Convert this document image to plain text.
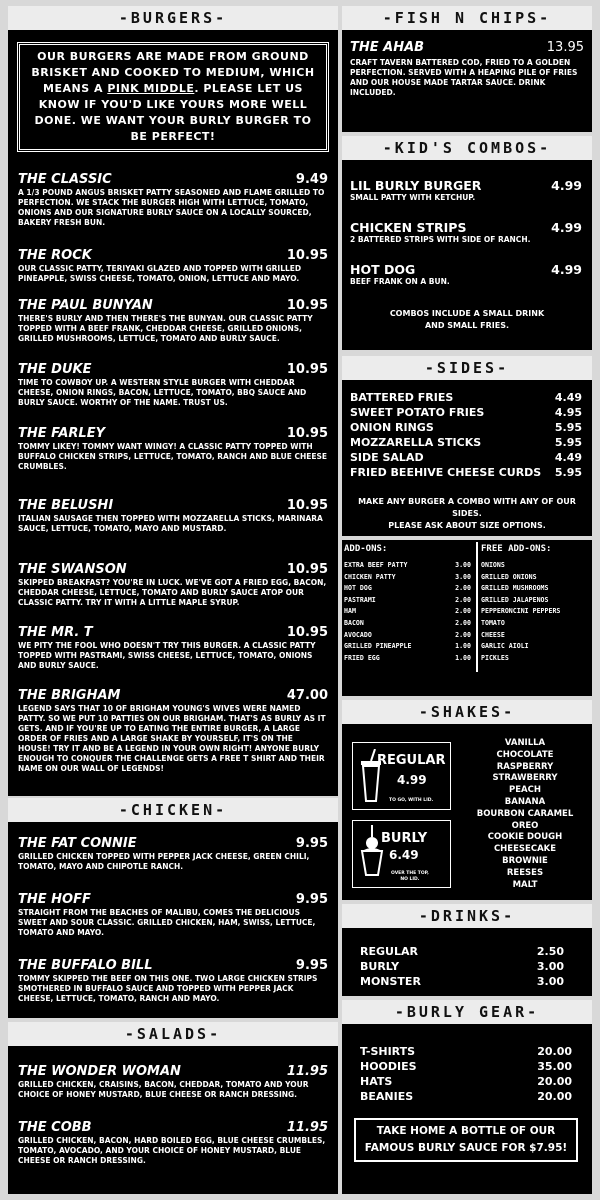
-BURGERS-
OUR BURGERS ARE MADE FROM GROUND BRISKET AND COOKED TO MEDIUM, WHICH MEANS A PINK MIDDLE. PLEASE LET US KNOW IF YOU'D LIKE YOURS MORE WELL DONE. WE WANT YOUR BURLY BURGER TO BE PERFECT!
THE CLASSIC	9.49
A 1/3 POUND ANGUS BRISKET PATTY SEASONED AND FLAME GRILLED TO PERFECTION. WE STACK THE BURGER HIGH WITH LETTUCE, TOMATO, ONIONS AND OUR SIGNATURE BURLY SAUCE ON A LOCALLY SOURCED, BAKERY FRESH BUN.
THE ROCK	10.95
OUR CLASSIC PATTY, TERIYAKI GLAZED AND TOPPED WITH GRILLED PINEAPPLE, SWISS CHEESE, TOMATO, ONION, LETTUCE AND MAYO.
THE PAUL BUNYAN	10.95
THERE'S BURLY AND THEN THERE'S THE BUNYAN. OUR CLASSIC PATTY TOPPED WITH A BEEF FRANK, CHEDDAR CHEESE, GRILLED ONIONS, GRILLED MUSHROOMS, LETTUCE, TOMATO AND BURLY SAUCE.
THE DUKE	10.95
TIME TO COWBOY UP. A WESTERN STYLE BURGER WITH CHEDDAR CHEESE, ONION RINGS, BACON, LETTUCE, TOMATO, BBQ SAUCE AND BURLY SAUCE. WORTHY OF THE NAME. TRUST US.
THE FARLEY	10.95
TOMMY LIKEY! TOMMY WANT WINGY! A CLASSIC PATTY TOPPED WITH BUFFALO CHICKEN STRIPS, LETTUCE, TOMATO, RANCH AND BLUE CHEESE CRUMBLES.
THE BELUSHI	10.95
ITALIAN SAUSAGE THEN TOPPED WITH MOZZARELLA STICKS, MARINARA SAUCE, LETTUCE, TOMATO, MAYO AND MUSTARD.
THE SWANSON	10.95
SKIPPED BREAKFAST? YOU'RE IN LUCK. WE'VE GOT A FRIED EGG, BACON, CHEDDAR CHEESE, LETTUCE, TOMATO AND BURLY SAUCE ATOP OUR CLASSIC PATTY. TRY IT WITH A LITTLE MAPLE SYRUP.
THE MR. T	10.95
WE PITY THE FOOL WHO DOESN'T TRY THIS BURGER. A CLASSIC PATTY TOPPED WITH PASTRAMI, SWISS CHEESE, LETTUCE, TOMATO, ONIONS AND BURLY SAUCE.
THE BRIGHAM	47.00
LEGEND SAYS THAT 10 OF BRIGHAM YOUNG'S WIVES WERE NAMED PATTY. SO WE PUT 10 PATTIES ON OUR BRIGHAM. THAT'S AS BURLY AS IT GETS. AND IF YOU'RE UP TO EATING THE ENTIRE BURGER, A LARGE ORDER OF FRIES AND A LARGE SHAKE BY YOURSELF, IT'S ON THE HOUSE! TRY IT AND BE A LEGEND IN YOUR OWN RIGHT! ANYONE BURLY ENOUGH TO CONQUER THE CHALLENGE GETS A FREE T SHIRT AND THEIR NAME ON OUR WALL OF LEGENDS!
-CHICKEN-
THE FAT CONNIE	9.95
GRILLED CHICKEN TOPPED WITH PEPPER JACK CHEESE, GREEN CHILI, TOMATO, MAYO AND CHIPOTLE RANCH.
THE HOFF	9.95
STRAIGHT FROM THE BEACHES OF MALIBU, COMES THE DELICIOUS SWEET AND SOUR CLASSIC. GRILLED CHICKEN, HAM, SWISS, LETTUCE, TOMATO AND MAYO.
THE BUFFALO BILL	9.95
TOMMY SKIPPED THE BEEF ON THIS ONE. TWO LARGE CHICKEN STRIPS SMOTHERED IN BUFFALO SAUCE AND TOPPED WITH PEPPER JACK CHEESE, LETTUCE, TOMATO, RANCH AND MAYO.
-SALADS-
THE WONDER WOMAN	11.95
GRILLED CHICKEN, CRAISINS, BACON, CHEDDAR, TOMATO AND YOUR CHOICE OF HONEY MUSTARD, BLUE CHEESE OR RANCH DRESSING.
THE COBB	11.95
GRILLED CHICKEN, BACON, HARD BOILED EGG, BLUE CHEESE CRUMBLES, TOMATO, AVOCADO, AND YOUR CHOICE OF HONEY MUSTARD, BLUE CHEESE OR RANCH DRESSING.
-FISH N CHIPS-
THE AHAB	13.95
CRAFT TAVERN BATTERED COD, FRIED TO A GOLDEN PERFECTION. SERVED WITH A HEAPING PILE OF FRIES AND OUR HOUSE MADE TARTAR SAUCE. DRINK INCLUDED.
-KID'S COMBOS-
LIL BURLY BURGER	4.99
SMALL PATTY WITH KETCHUP.
CHICKEN STRIPS	4.99
2 BATTERED STRIPS WITH SIDE OF RANCH.
HOT DOG	4.99
BEEF FRANK ON A BUN.
COMBOS INCLUDE A SMALL DRINK
AND SMALL FRIES.
-SIDES-
BATTERED FRIES	4.49
SWEET POTATO FRIES	4.95
ONION RINGS	5.95
MOZZARELLA STICKS	5.95
SIDE SALAD	4.49
FRIED BEEHIVE CHEESE CURDS 5.95
MAKE ANY BURGER A COMBO WITH ANY OF OUR SIDES.
PLEASE ASK ABOUT SIZE OPTIONS.
ADD-ONS:
EXTRA BEEF PATTY	3.00
CHICKEN PATTY	3.00
HOT DOG	2.00
PASTRAMI	2.00
HAM	2.00
BACON	2.00
AVOCADO	2.00
GRILLED PINEAPPLE	1.00
FRIED EGG	1.00
FREE ADD-ONS:
ONIONS
GRILLED ONIONS
GRILLED MUSHROOMS
GRILLED JALAPENOS
PEPPERONCINI PEPPERS
TOMATO
CHEESE
GARLIC AIOLI
PICKLES
-SHAKES-
REGULAR
4.99
TO GO, WITH LID.
BURLY
6.49
OVER THE TOP,
NO LID.
VANILLA
CHOCOLATE
RASPBERRY
STRAWBERRY
PEACH
BANANA
BOURBON CARAMEL
OREO
COOKIE DOUGH
CHEESECAKE
BROWNIE
REESES
MALT
-DRINKS-
REGULAR	2.50
BURLY	3.00
MONSTER	3.00
-BURLY GEAR-
T-SHIRTS	20.00
HOODIES	35.00
HATS	20.00
BEANIES	20.00
TAKE HOME A BOTTLE OF OUR
FAMOUS BURLY SAUCE FOR $7.95!
